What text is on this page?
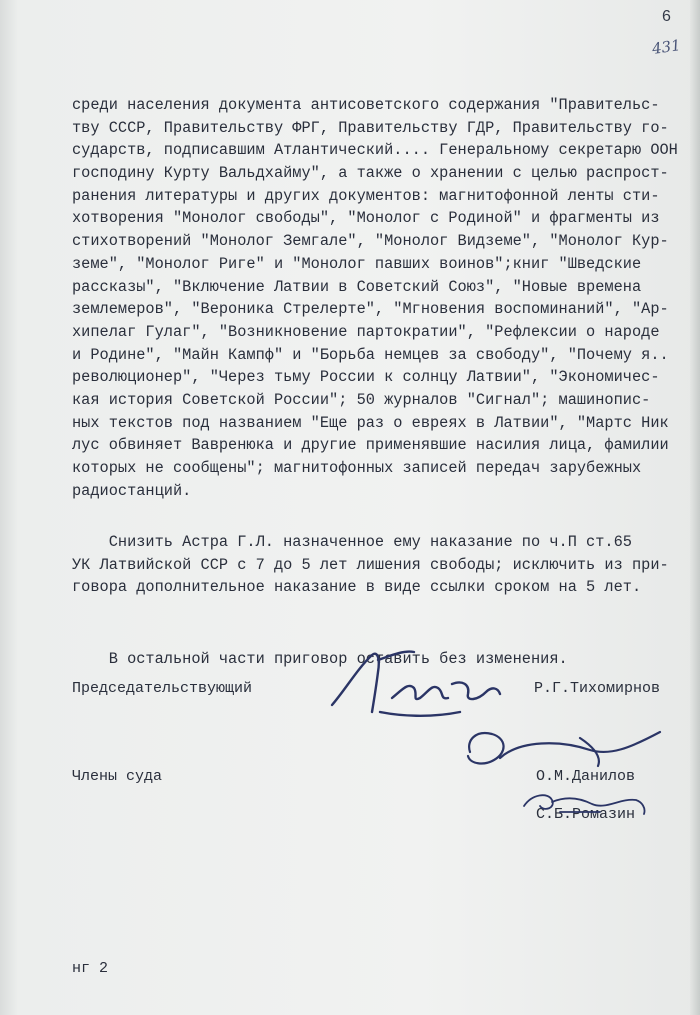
6
431
среди населения документа антисоветского содержания "Правительс-
тву СССР, Правительству ФРГ, Правительству ГДР, Правительству го-
сударств, подписавшим Атлантический.... Генеральному секретарю ООН
господину Курту Вальдхайму", а также о хранении с целью распрост-
ранения литературы и других документов: магнитофонной ленты сти-
хотворения "Монолог свободы", "Монолог с Родиной" и фрагменты из
стихотворений "Монолог Земгале", "Монолог Видземе", "Монолог Кур-
земе", "Монолог Риге" и "Монолог павших воинов";книг "Шведские
рассказы", "Включение Латвии в Советский Союз", "Новые времена
землемеров", "Вероника Стрелерте", "Мгновения воспоминаний", "Ар-
хипелаг Гулаг", "Возникновение партократии", "Рефлексии о народе
и Родине", "Майн Кампф" и "Борьба немцев за свободу", "Почему я..
революционер", "Через тьму России к солнцу Латвии", "Экономичес-
кая история Советской России"; 50 журналов "Сигнал"; машинопис-
ных текстов под названием "Еще раз о евреях в Латвии", "Мартс Ник
лус обвиняет Вавренюка и другие применявшие насилия лица, фамилии
которых не сообщены"; магнитофонных записей передач зарубежных
радиостанций.
Снизить Астра Г.Л. назначенное ему наказание по ч.П ст.65
УК Латвийской ССР с 7 до 5 лет лишения свободы; исключить из при-
говора дополнительное наказание в виде ссылки сроком на 5 лет.

В остальной части приговор оставить без изменения.

Председательствующий	Р.Г.Тихомирнов
Члены суда	О.М.Данилов
С.Б.Ромазин
нг 2
